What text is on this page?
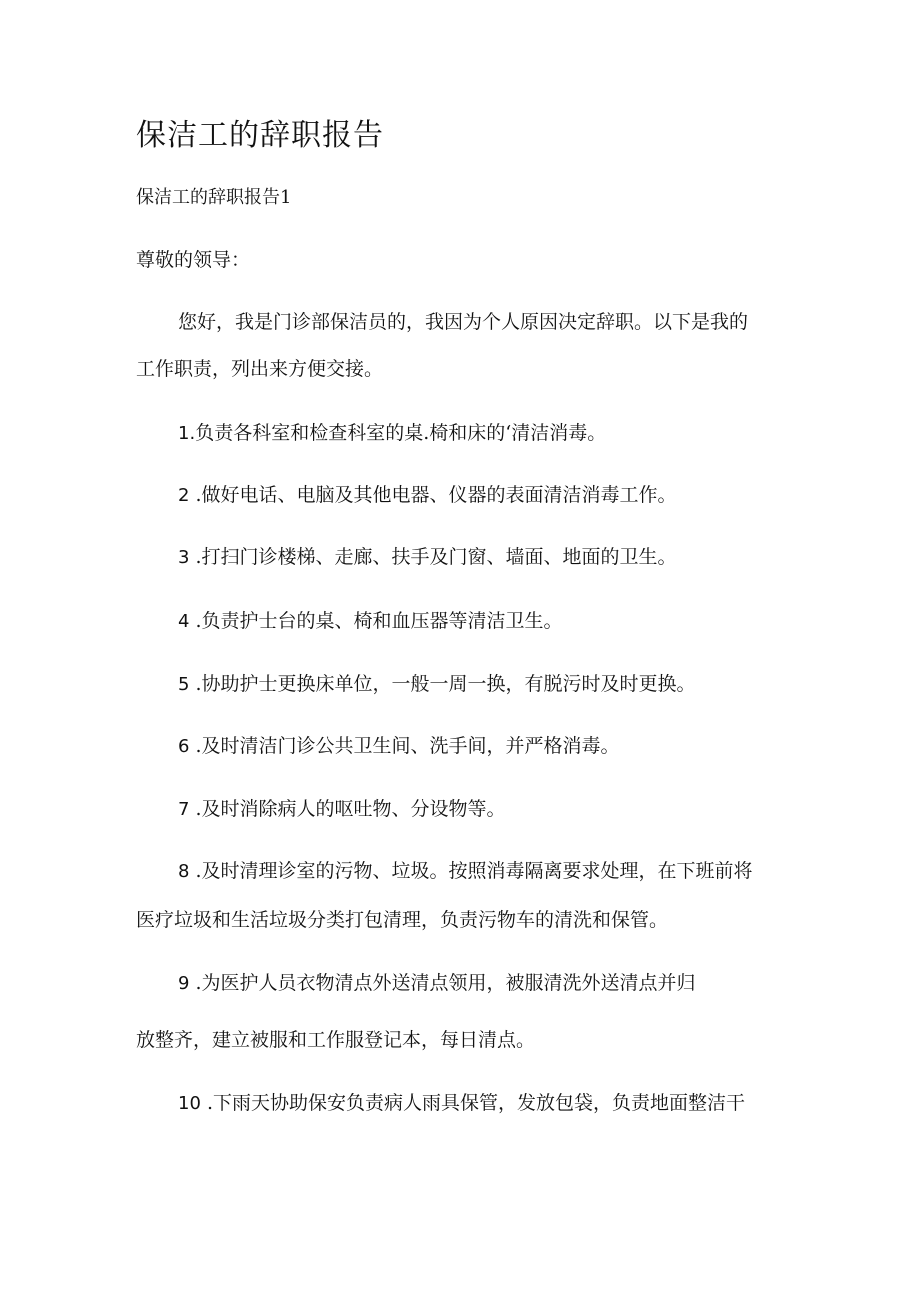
保洁工的辞职报告

保洁工的辞职报告1

尊敬的领导：

您好，我是门诊部保洁员的，我因为个人原因决定辞职。以下是我的

工作职责，列出来方便交接。

1.负责各科室和检查科室的桌.椅和床的‘清洁消毒。

2 .做好电话、电脑及其他电器、仪器的表面清洁消毒工作。

3 .打扫门诊楼梯、走廊、扶手及门窗、墙面、地面的卫生。

4 .负责护士台的桌、椅和血压器等清洁卫生。

5 .协助护士更换床单位，一般一周一换，有脱污时及时更换。

6 .及时清洁门诊公共卫生间、洗手间，并严格消毒。

7 .及时消除病人的呕吐物、分设物等。

8 .及时清理诊室的污物、垃圾。按照消毒隔离要求处理，在下班前将

医疗垃圾和生活垃圾分类打包清理，负责污物车的清洗和保管。

9 .为医护人员衣物清点外送清点领用，被服清洗外送清点并归

放整齐，建立被服和工作服登记本，每日清点。

10 .下雨天协助保安负责病人雨具保管，发放包袋，负责地面整洁干
